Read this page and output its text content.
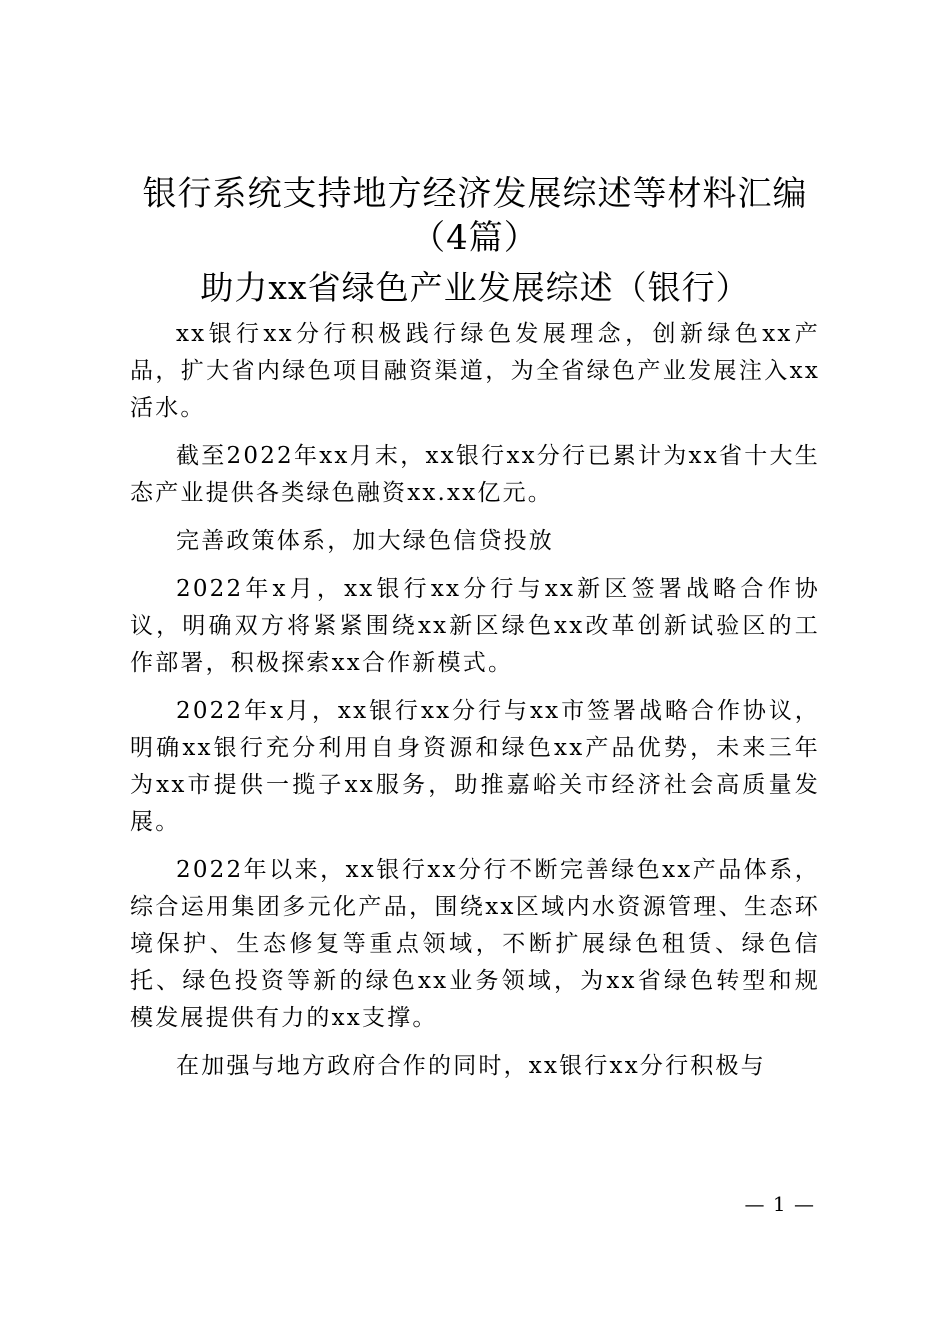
银行系统支持地方经济发展综述等材料汇编
（4篇）
助力xx省绿色产业发展综述（银行）

xx银行xx分行积极践行绿色发展理念，创新绿色xx产品，扩大省内绿色项目融资渠道，为全省绿色产业发展注入xx活水。

截至2022年xx月末，xx银行xx分行已累计为xx省十大生态产业提供各类绿色融资xx.xx亿元。

完善政策体系，加大绿色信贷投放

2022年x月，xx银行xx分行与xx新区签署战略合作协议，明确双方将紧紧围绕xx新区绿色xx改革创新试验区的工作部署，积极探索xx合作新模式。

2022年x月，xx银行xx分行与xx市签署战略合作协议，明确xx银行充分利用自身资源和绿色xx产品优势，未来三年为xx市提供一揽子xx服务，助推嘉峪关市经济社会高质量发展。

2022年以来，xx银行xx分行不断完善绿色xx产品体系，综合运用集团多元化产品，围绕xx区域内水资源管理、生态环境保护、生态修复等重点领域，不断扩展绿色租赁、绿色信托、绿色投资等新的绿色xx业务领域，为xx省绿色转型和规模发展提供有力的xx支撑。

在加强与地方政府合作的同时，xx银行xx分行积极与

— 1 —
